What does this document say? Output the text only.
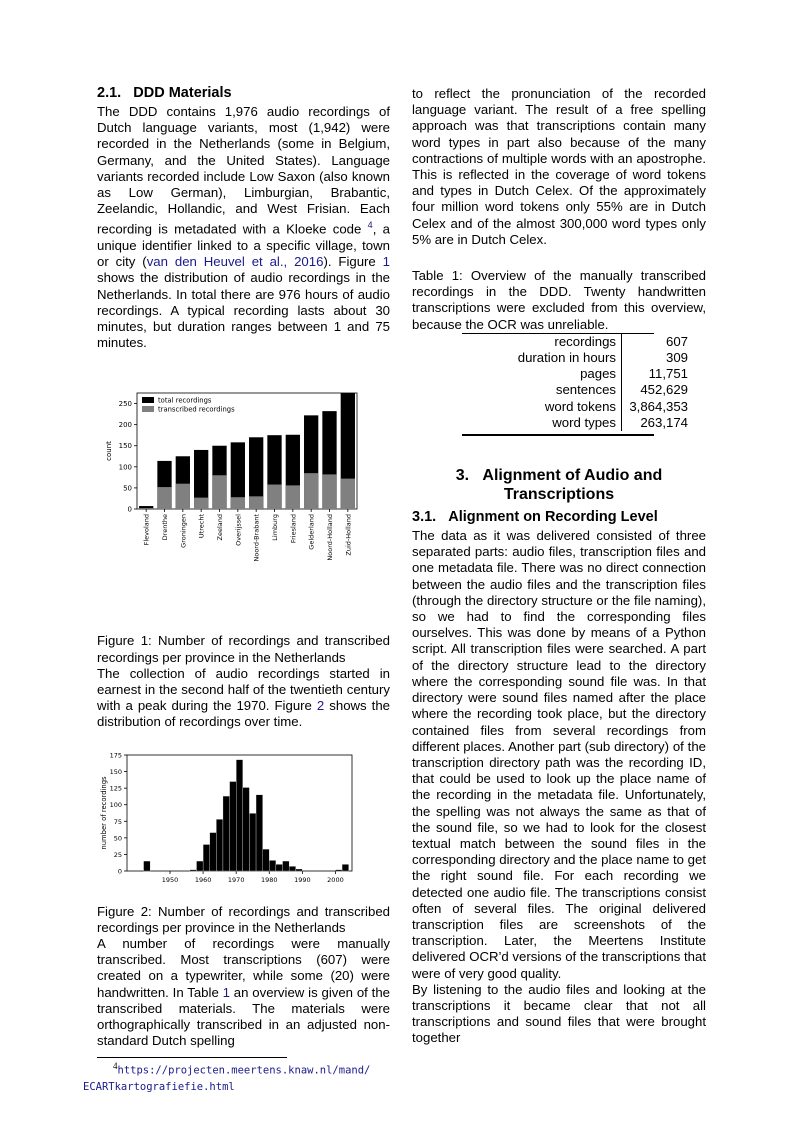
2.1. DDD Materials

The DDD contains 1,976 audio recordings of Dutch language variants, most (1,942) were recorded in the Netherlands (some in Belgium, Germany, and the United States). Language variants recorded include Low Saxon (also known as Low German), Limburgian, Brabantic, Zeelandic, Hollandic, and West Frisian. Each recording is metadated with a Kloeke code $^4$, a unique identifier linked to a specific village, town or city (van den Heuvel et al., 2016). Figure 1 shows the distribution of audio recordings in the Netherlands. In total there are 976 hours of audio recordings. A typical recording lasts about 30 minutes, but duration ranges between 1 and 75 minutes.

0
50
100
150
200
250
count
Flevoland Drenthe Groningen Utrecht Zeeland Overijssel Noord-Brabant Limburg Friesland Gelderland Noord-Holland Zuid-Holland
total recordings
transcribed recordings

Figure 1: Number of recordings and transcribed recordings per province in the Netherlands

The collection of audio recordings started in earnest in the second half of the twentieth century with a peak during the 1970. Figure 2 shows the distribution of recordings over time.

0
25
50
75
100
125
150
175
1950	1960	1970	1980	1990	2000
number of recordings

Figure 2: Number of recordings and transcribed recordings per province in the Netherlands

A number of recordings were manually transcribed. Most transcriptions (607) were created on a typewriter, while some (20) were handwritten. In Table 1 an overview is given of the transcribed materials. The materials were orthographically transcribed in an adjusted non-standard Dutch spelling

$^4$https://projecten.meertens.knaw.nl/mand/
ECARTkartografiefie.html

to reflect the pronunciation of the recorded language variant. The result of a free spelling approach was that transcriptions contain many word types in part also because of the many contractions of multiple words with an apostrophe. This is reflected in the coverage of word tokens and types in Dutch Celex. Of the approximately four million word tokens only 55% are in Dutch Celex and of the almost 300,000 word types only 5% are in Dutch Celex.

Table 1: Overview of the manually transcribed recordings in the DDD. Twenty handwritten transcriptions were excluded from this overview, because the OCR was unreliable.

recordings	607
duration in hours	309
pages	11,751
sentences	452,629
word tokens	3,864,353
word types	263,174
3. Alignment of Audio and Transcriptions
3.1. Alignment on Recording Level

The data as it was delivered consisted of three separated parts: audio files, transcription files and one metadata file. There was no direct connection between the audio files and the transcription files (through the directory structure or the file naming), so we had to find the corresponding files ourselves. This was done by means of a Python script. All transcription files were searched. A part of the directory structure lead to the directory where the corresponding sound file was. In that directory were sound files named after the place where the recording took place, but the directory contained files from several recordings from different places. Another part (sub directory) of the transcription directory path was the recording ID, that could be used to look up the place name of the recording in the metadata file. Unfortunately, the spelling was not always the same as that of the sound file, so we had to look for the closest textual match between the sound files in the corresponding directory and the place name to get the right sound file. For each recording we detected one audio file. The transcriptions consist often of several files. The original delivered transcription files are screenshots of the transcription. Later, the Meertens Institute delivered OCR’d versions of the transcriptions that were of very good quality.

By listening to the audio files and looking at the transcriptions it became clear that not all transcriptions and sound files that were brought together
